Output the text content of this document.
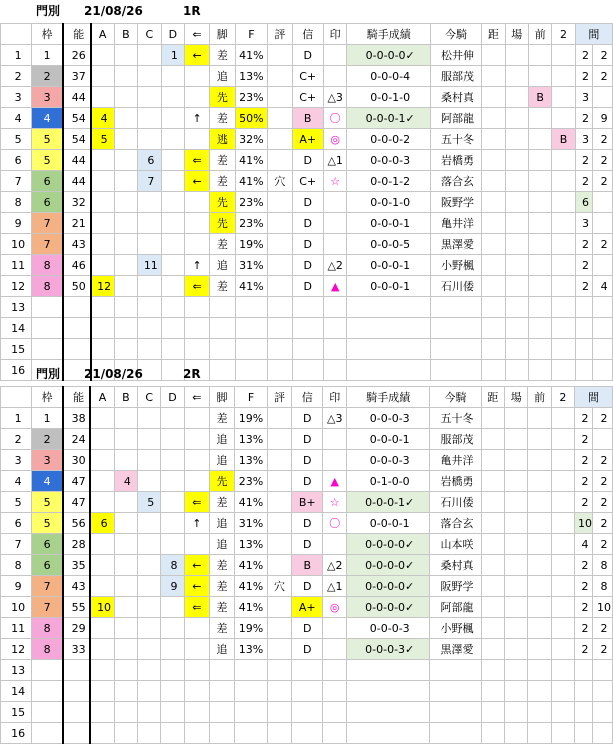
門別 21/08/26	1R
	枠	能	A	B	C	D	⇐	脚	F	評	信	印	騎手成績	今騎	距	場	前	2	間	
1	1	26				1	←	差	41%		D		0-0-0-0✓	松井伸					2	2
2	2	37						追	13%		C+		0-0-0-4	服部茂					2	2
3	3	44						先	23%		C+	△3	0-0-1-0	桑村真			B		3	
4	4	54	4				↑	差	50%		B	〇	0-0-0-1✓	阿部龍					2	9
5	5	54	5					逃	32%		A+	◎	0-0-0-2	五十冬				B	3	2
6	5	44			6		⇐	差	41%		D	△1	0-0-0-3	岩橋勇					2	2
7	6	44			7		←	差	41%	穴	C+	☆	0-0-1-2	落合玄					2	2
8	6	32						先	23%		D		0-0-1-0	阪野学					6	
9	7	21						先	23%		D		0-0-0-1	亀井洋					3	
10	7	43						差	19%		D		0-0-0-5	黒澤愛					2	2
11	8	46			11		↑	追	31%		D	△2	0-0-0-1	小野楓					2	
12	8	50	12				⇐	差	41%		D	▲	0-0-0-1	石川倭					2	4
13																				
14																				
15																				
16																				門別 21/08/26	2R
	枠	能	A	B	C	D	⇐	脚	F	評	信	印	騎手成績	今騎	距	場	前	2	間	
1	1	38						差	19%		D	△3	0-0-0-3	五十冬					2	2
2	2	24						追	13%		D		0-0-0-1	服部茂					2	
3	3	30						追	13%		D		0-0-0-3	亀井洋					2	2
4	4	47		4				先	23%		D	▲	0-1-0-0	岩橋勇					2	2
5	5	47			5		⇐	差	41%		B+	☆	0-0-0-1✓	石川倭					2	2
6	5	56	6				↑	追	31%		D	〇	0-0-0-1	落合玄					10	2
7	6	28						追	13%		D		0-0-0-0✓	山本咲					4	2
8	6	35				8	←	差	41%		B	△2	0-0-0-0✓	桑村真					2	8
9	7	43				9	←	差	41%	穴	D	△1	0-0-0-0✓	阪野学					2	8
10	7	55	10				⇐	差	41%		A+	◎	0-0-0-0✓	阿部龍					2	10
11	8	29						差	19%		D		0-0-0-3	小野楓					2	2
12	8	33						追	13%		D		0-0-0-3✓	黒澤愛					2	2
13																				
14																				
15																				
16																				
